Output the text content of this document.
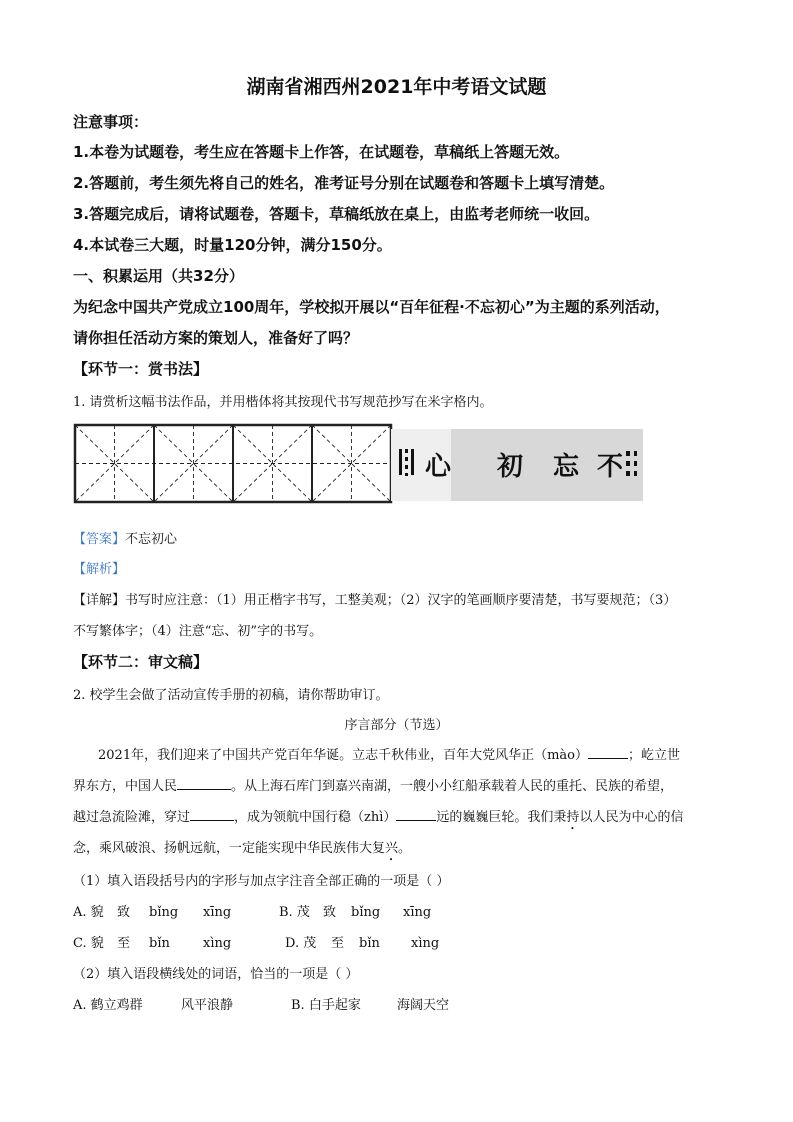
湖南省湘西州2021年中考语文试题
注意事项：
1.本卷为试题卷，考生应在答题卡上作答，在试题卷，草稿纸上答题无效。
2.答题前，考生须先将自己的姓名，准考证号分别在试题卷和答题卡上填写清楚。
3.答题完成后，请将试题卷，答题卡，草稿纸放在桌上，由监考老师统一收回。
4.本试卷三大题，时量120分钟，满分150分。
一、积累运用（共32分）
为纪念中国共产党成立100周年，学校拟开展以“百年征程·不忘初心”为主题的系列活动，
请你担任活动方案的策划人，准备好了吗？
【环节一：赏书法】
1. 请赏析这幅书法作品，并用楷体将其按现代书写规范抄写在米字格内。
心 初 忘 不
【答案】不忘初心
【解析】
【详解】书写时应注意：（1）用正楷字书写，工整美观；（2）汉字的笔画顺序要清楚，书写要规范；（3）
不写繁体字；（4）注意“忘、初”字的书写。
【环节二：审文稿】
2. 校学生会做了活动宣传手册的初稿，请你帮助审订。
序言部分（节选）
2021年，我们迎来了中国共产党百年华诞。立志千秋伟业，百年大党风华正（mào）	；屹立世
界东方，中国人民	。从上海石库门到嘉兴南湖，一艘小小红船承载着人民的重托、民族的希望，
越过急流险滩，穿过	，成为领航中国行稳（zhì）	远的巍巍巨轮。我们秉持以人民为中心的信
念，乘风破浪、扬帆远航，一定能实现中华民族伟大复兴。
（1）填入语段括号内的字形与加点字注音全部正确的一项是（ ）
A. 貌 致 bǐng xīng	B. 茂 致 bǐng xīng
C. 貌 至 bǐn	xìng	D. 茂 至 bǐn xìng
（2）填入语段横线处的词语，恰当的一项是（ ）
A. 鹤立鸡群	风平浪静	B. 白手起家	海阔天空
